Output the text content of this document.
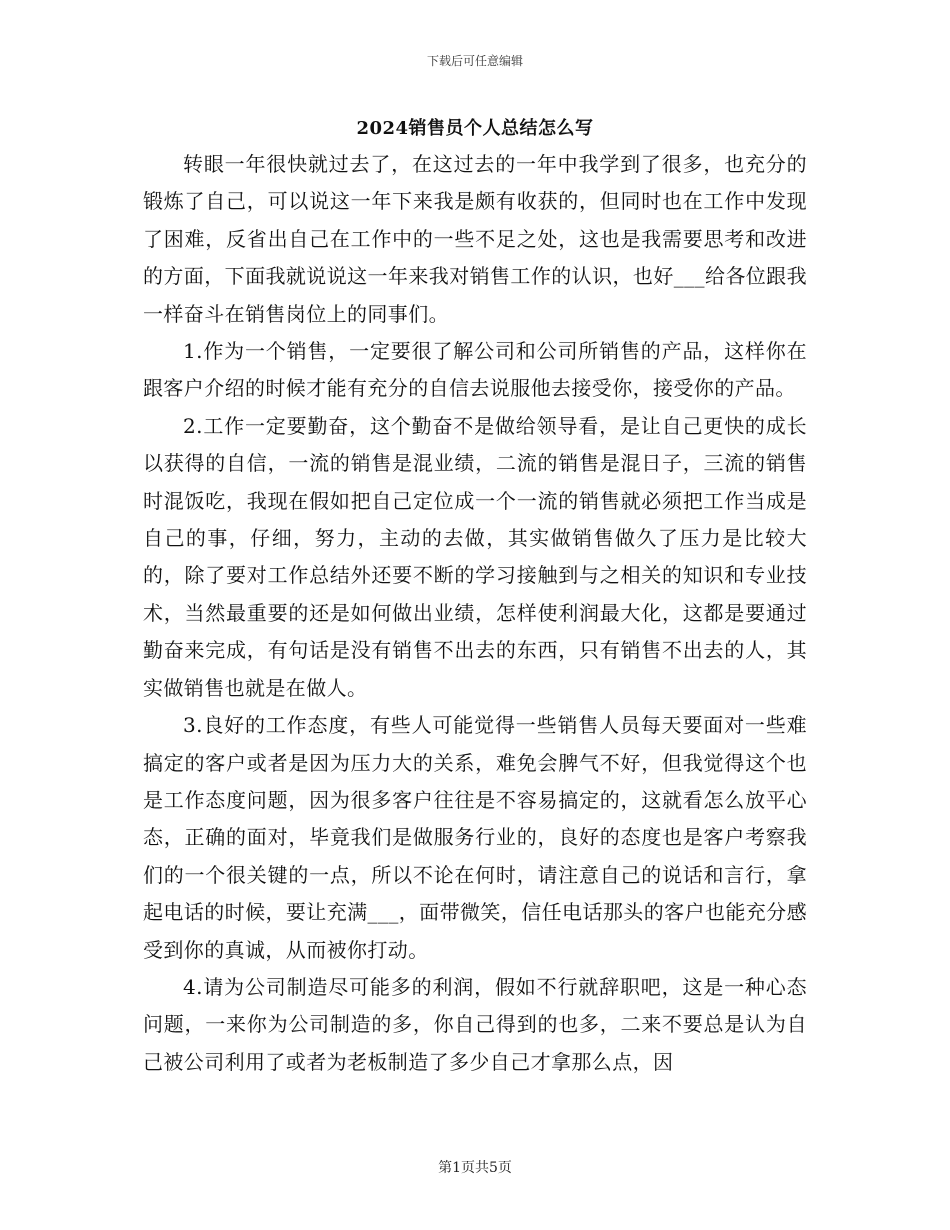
下载后可任意编辑
2024销售员个人总结怎么写

转眼一年很快就过去了，在这过去的一年中我学到了很多，也充分的锻炼了自己，可以说这一年下来我是颇有收获的，但同时也在工作中发现了困难，反省出自己在工作中的一些不足之处，这也是我需要思考和改进的方面，下面我就说说这一年来我对销售工作的认识，也好___给各位跟我一样奋斗在销售岗位上的同事们。

1.作为一个销售，一定要很了解公司和公司所销售的产品，这样你在跟客户介绍的时候才能有充分的自信去说服他去接受你，接受你的产品。

2.工作一定要勤奋，这个勤奋不是做给领导看，是让自己更快的成长以获得的自信，一流的销售是混业绩，二流的销售是混日子，三流的销售时混饭吃，我现在假如把自己定位成一个一流的销售就必须把工作当成是自己的事，仔细，努力，主动的去做，其实做销售做久了压力是比较大的，除了要对工作总结外还要不断的学习接触到与之相关的知识和专业技术，当然最重要的还是如何做出业绩，怎样使利润最大化，这都是要通过勤奋来完成，有句话是没有销售不出去的东西，只有销售不出去的人，其实做销售也就是在做人。

3.良好的工作态度，有些人可能觉得一些销售人员每天要面对一些难搞定的客户或者是因为压力大的关系，难免会脾气不好，但我觉得这个也是工作态度问题，因为很多客户往往是不容易搞定的，这就看怎么放平心态，正确的面对，毕竟我们是做服务行业的，良好的态度也是客户考察我们的一个很关键的一点，所以不论在何时，请注意自己的说话和言行，拿起电话的时候，要让充满___，面带微笑，信任电话那头的客户也能充分感受到你的真诚，从而被你打动。

4.请为公司制造尽可能多的利润，假如不行就辞职吧，这是一种心态问题，一来你为公司制造的多，你自己得到的也多，二来不要总是认为自己被公司利用了或者为老板制造了多少自己才拿那么点，因

第1页共5页
